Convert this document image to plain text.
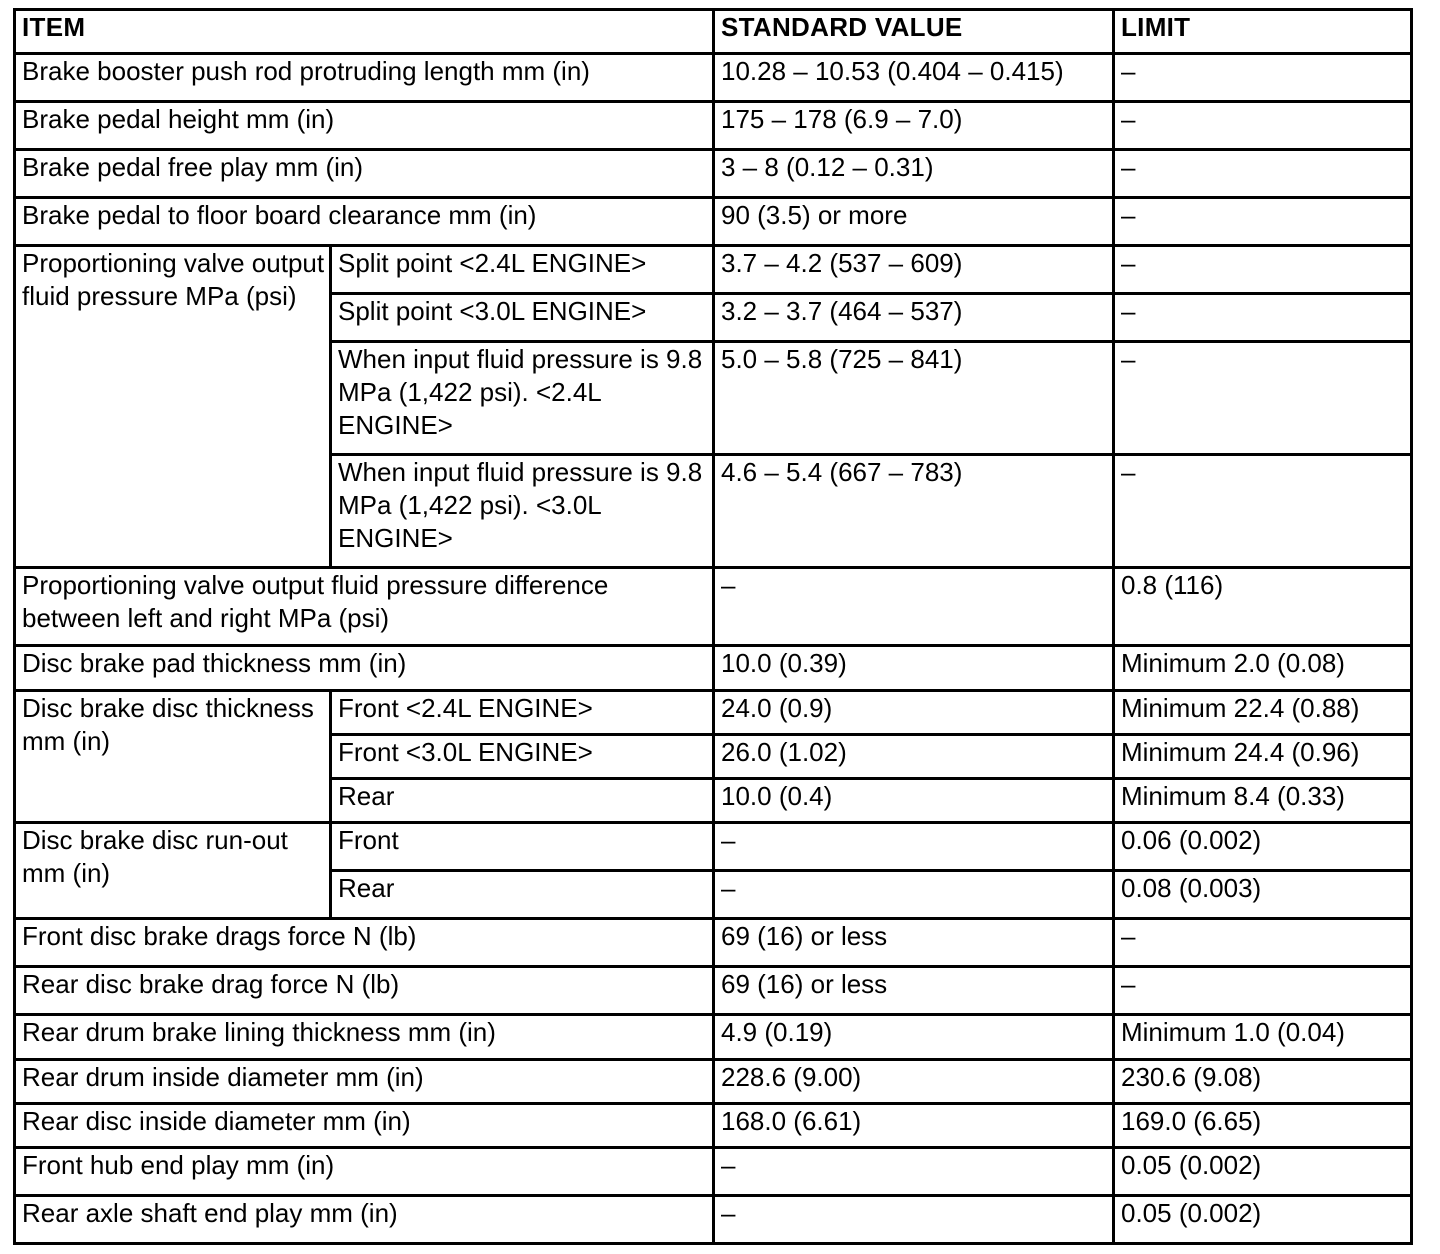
ITEM		STANDARD VALUE	LIMIT
Brake booster push rod protruding length mm (in)		10.28 – 10.53 (0.404 – 0.415)	–
Brake pedal height mm (in)		175 – 178 (6.9 – 7.0)	–
Brake pedal free play mm (in)		3 – 8 (0.12 – 0.31)	–
Brake pedal to floor board clearance mm (in)		90 (3.5) or more	–
Proportioning valve output fluid pressure MPa (psi)	Split point <2.4L ENGINE>	3.7 – 4.2 (537 – 609)	–
	Split point <3.0L ENGINE>	3.2 – 3.7 (464 – 537)	–
	When input fluid pressure is 9.8 MPa (1,422 psi). <2.4L ENGINE>	5.0 – 5.8 (725 – 841)	–
	When input fluid pressure is 9.8 MPa (1,422 psi). <3.0L ENGINE>	4.6 – 5.4 (667 – 783)	–
Proportioning valve output fluid pressure difference between left and right MPa (psi)		–	0.8 (116)
Disc brake pad thickness mm (in)		10.0 (0.39)	Minimum 2.0 (0.08)
Disc brake disc thickness mm (in)	Front <2.4L ENGINE>	24.0 (0.9)	Minimum 22.4 (0.88)
	Front <3.0L ENGINE>	26.0 (1.02)	Minimum 24.4 (0.96)
	Rear	10.0 (0.4)	Minimum 8.4 (0.33)
Disc brake disc run-out mm (in)	Front	–	0.06 (0.002)
	Rear	–	0.08 (0.003)
Front disc brake drags force N (lb)		69 (16) or less	–
Rear disc brake drag force N (lb)		69 (16) or less	–
Rear drum brake lining thickness mm (in)		4.9 (0.19)	Minimum 1.0 (0.04)
Rear drum inside diameter mm (in)		228.6 (9.00)	230.6 (9.08)
Rear disc inside diameter mm (in)		168.0 (6.61)	169.0 (6.65)
Front hub end play mm (in)		–	0.05 (0.002)
Rear axle shaft end play mm (in)		–	0.05 (0.002)
